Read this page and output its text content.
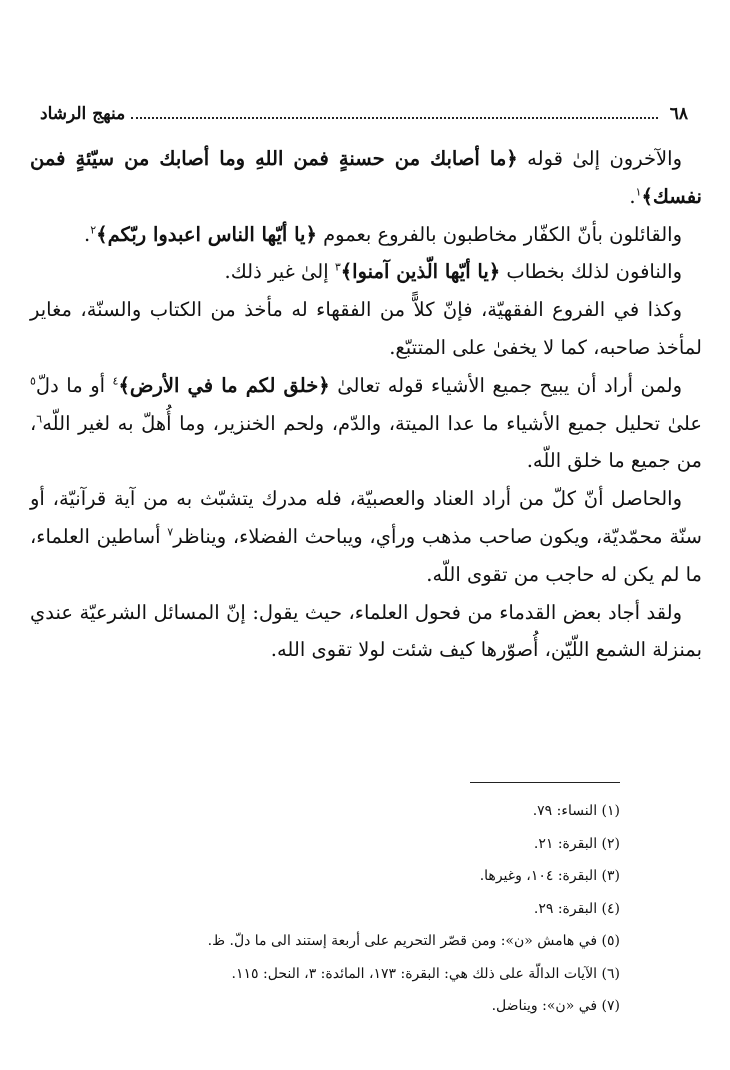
٦٨
منهج الرشاد

والآخرون إلىٰ قوله ﴿ما أصابك من حسنةٍ فمن اللهِ وما أصابك من سيّئةٍ فمن نفسك﴾$^١$.

والقائلون بأنّ الكفّار مخاطبون بالفروع بعموم ﴿يا أيّها الناس اعبدوا ربّكم﴾$^٢$.

والنافون لذلك بخطاب ﴿يا أيّها الّذين آمنوا﴾$^٣$ إلىٰ غير ذلك.

وكذا في الفروع الفقهيّة، فإنّ كلاًّ من الفقهاء له مأخذ من الكتاب والسنّة، مغاير لمأخذ صاحبه، كما لا يخفىٰ على المتتبّع.

ولمن أراد أن يبيح جميع الأشياء قوله تعالىٰ ﴿خلق لكم ما في الأرض﴾$^٤$ أو ما دلّ$^٥$ علىٰ تحليل جميع الأشياء ما عدا الميتة، والدّم، ولحم الخنزير، وما أُهلّ به لغير اللّه$^٦$، من جميع ما خلق اللّه.

والحاصل أنّ كلّ من أراد العناد والعصبيّة، فله مدرك يتشبّث به من آية قرآنيّة، أو سنّة محمّديّة، ويكون صاحب مذهب ورأي، ويباحث الفضلاء، ويناظر$^٧$ أساطين العلماء، ما لم يكن له حاجب من تقوى اللّه.

ولقد أجاد بعض القدماء من فحول العلماء، حيث يقول: إنّ المسائل الشرعيّة عندي بمنزلة الشمع اللّيّن، أُصوّرها كيف شئت لولا تقوى الله.

(١) النساء: ٧٩.
(٢) البقرة: ٢١.
(٣) البقرة: ١٠٤، وغيرها.
(٤) البقرة: ٢٩.
(٥) في هامش «ن»: ومن قصّر التحريم على أربعة إستند الى ما دلّ. ظ.
(٦) الآيات الدالّة على ذلك هي: البقرة: ١٧٣، المائدة: ٣، النحل: ١١٥.
(٧) في «ن»: ويناضل.
